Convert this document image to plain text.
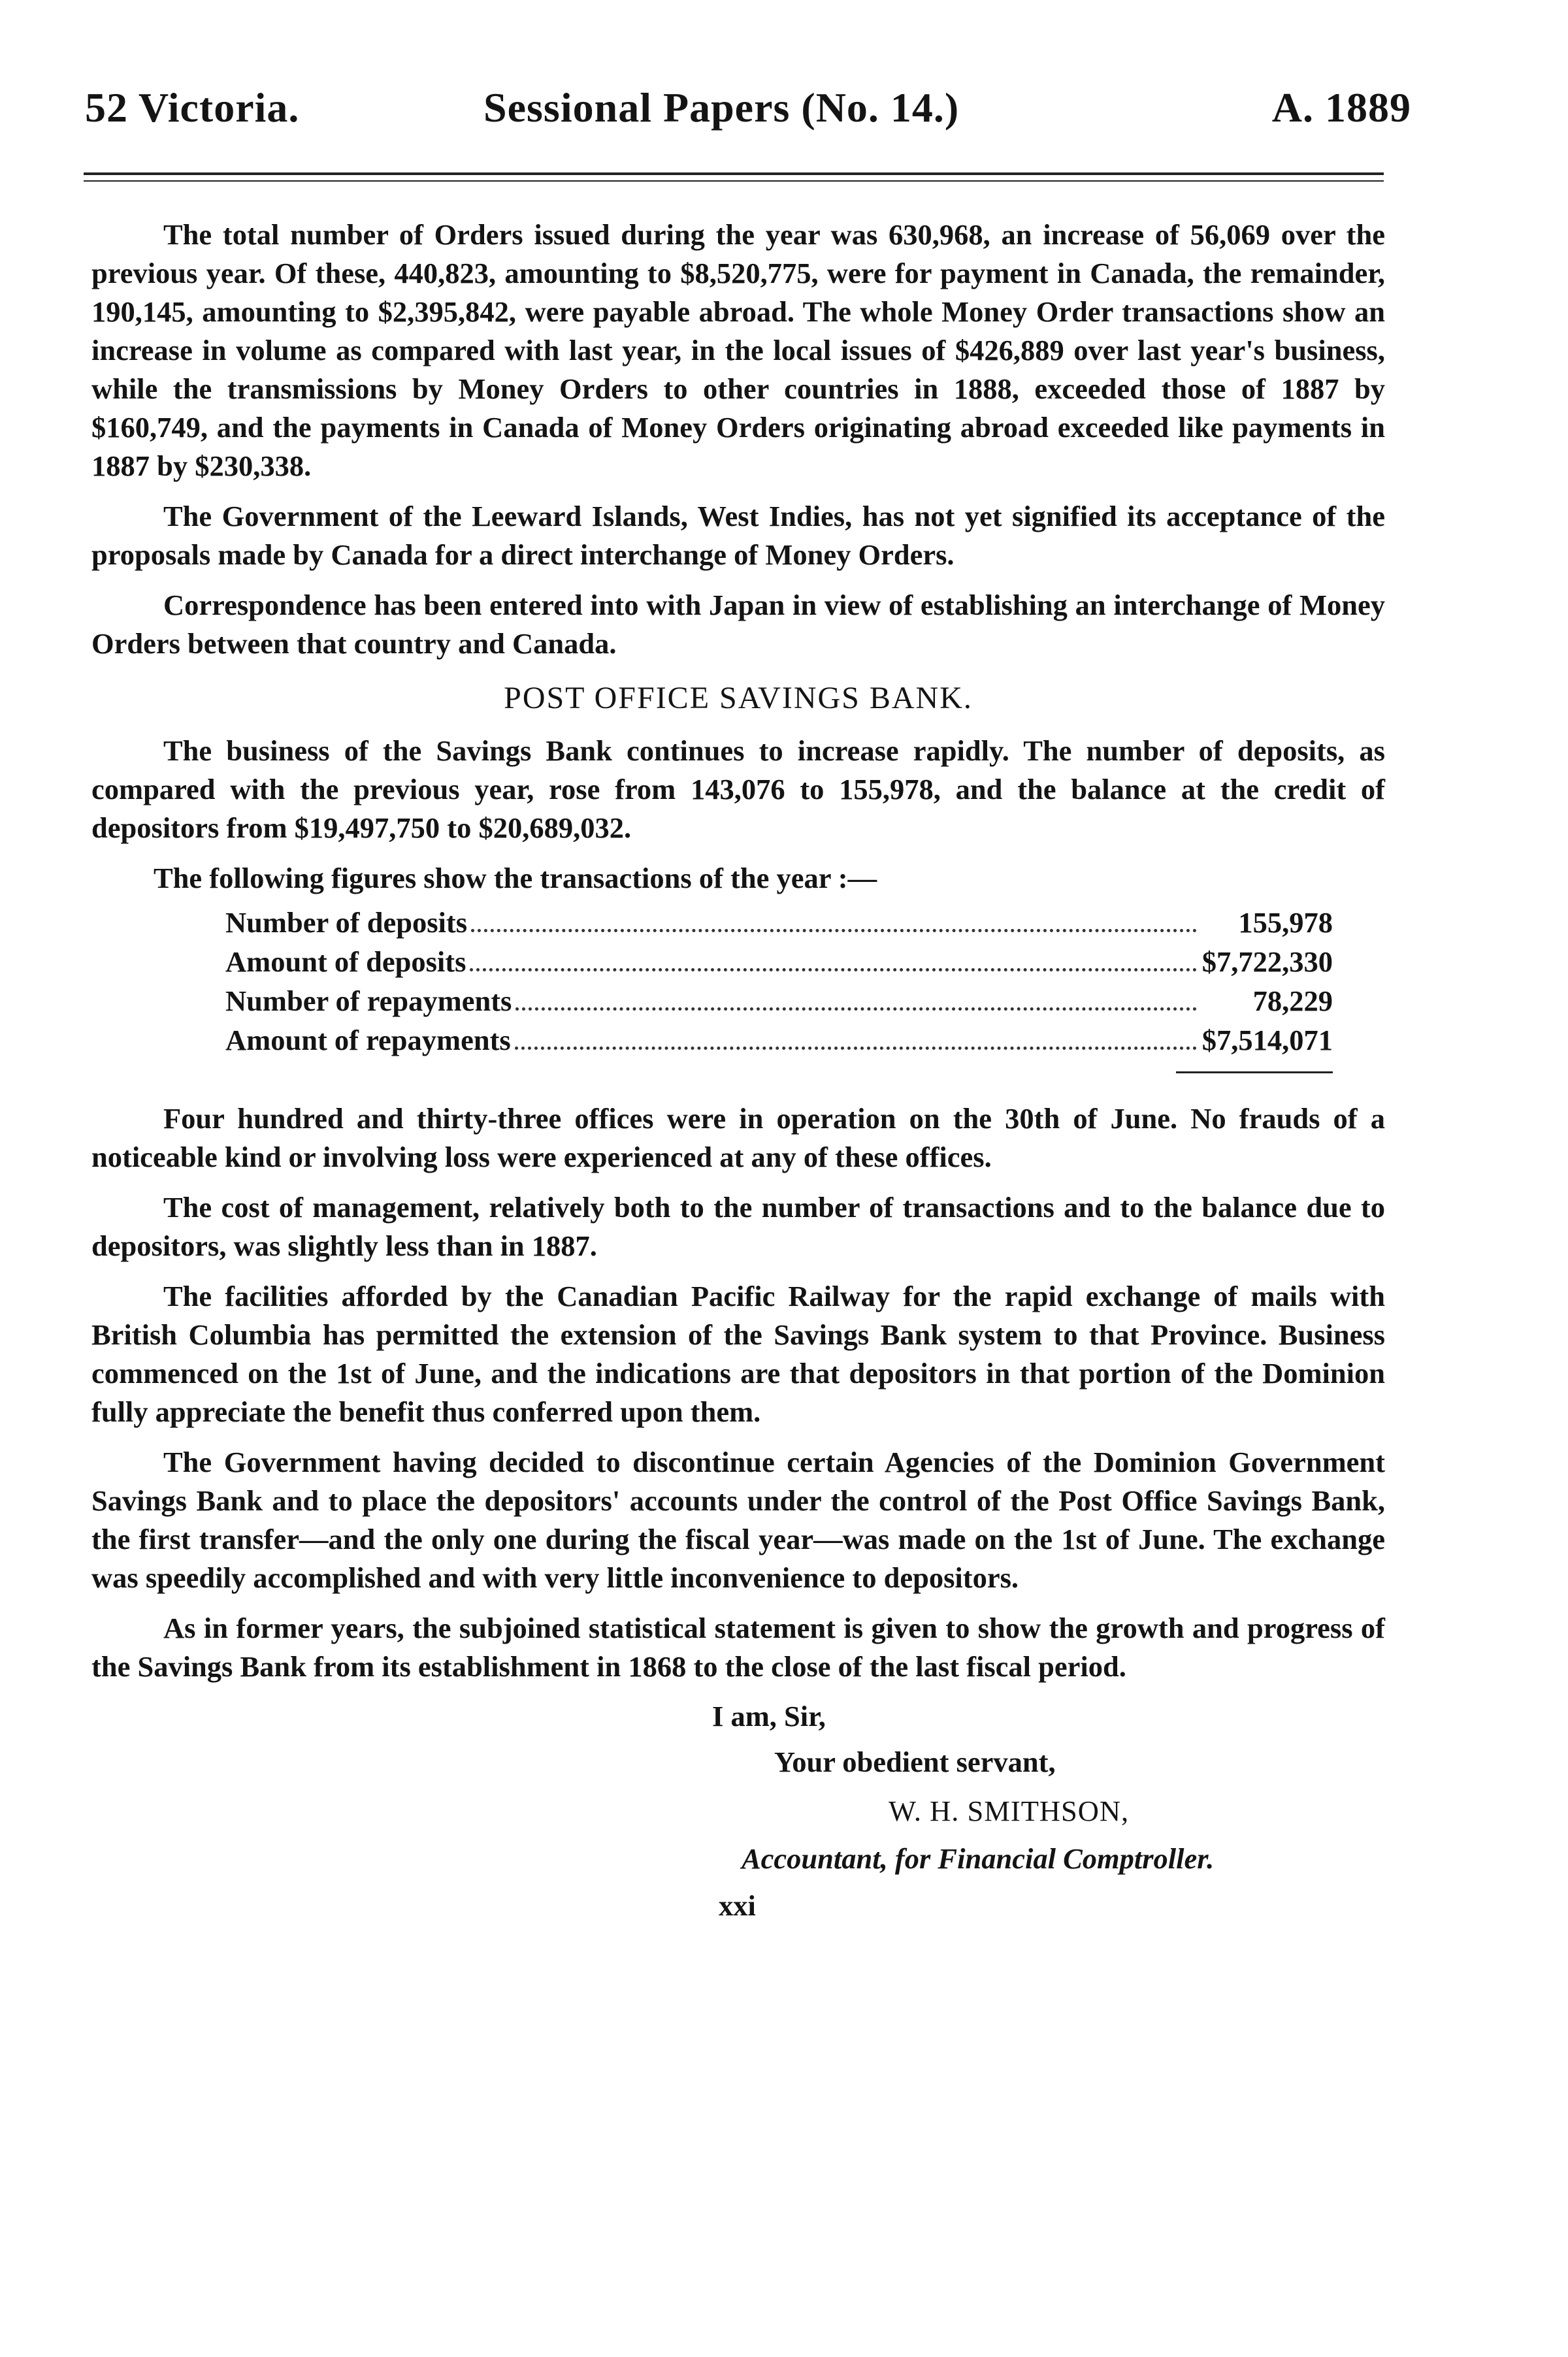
52 Victoria.	Sessional Papers (No. 14.)	A. 1889

The total number of Orders issued during the year was 630,968, an increase of 56,069 over the previous year. Of these, 440,823, amounting to $8,520,775, were for payment in Canada, the remainder, 190,145, amounting to $2,395,842, were payable abroad. The whole Money Order transactions show an increase in volume as compared with last year, in the local issues of $426,889 over last year's business, while the transmissions by Money Orders to other countries in 1888, exceeded those of 1887 by $160,749, and the payments in Canada of Money Orders originating abroad exceeded like payments in 1887 by $230,338.

The Government of the Leeward Islands, West Indies, has not yet signified its acceptance of the proposals made by Canada for a direct interchange of Money Orders.

Correspondence has been entered into with Japan in view of establishing an interchange of Money Orders between that country and Canada.

POST OFFICE SAVINGS BANK.

The business of the Savings Bank continues to increase rapidly. The number of deposits, as compared with the previous year, rose from 143,076 to 155,978, and the balance at the credit of depositors from $19,497,750 to $20,689,032.

The following figures show the transactions of the year :—

Number of deposits	155,978
Amount of deposits	$7,722,330
Number of repayments	78,229
Amount of repayments	$7,514,071

Four hundred and thirty-three offices were in operation on the 30th of June. No frauds of a noticeable kind or involving loss were experienced at any of these offices.

The cost of management, relatively both to the number of transactions and to the balance due to depositors, was slightly less than in 1887.

The facilities afforded by the Canadian Pacific Railway for the rapid exchange of mails with British Columbia has permitted the extension of the Savings Bank system to that Province. Business commenced on the 1st of June, and the indications are that depositors in that portion of the Dominion fully appreciate the benefit thus conferred upon them.

The Government having decided to discontinue certain Agencies of the Dominion Government Savings Bank and to place the depositors' accounts under the control of the Post Office Savings Bank, the first transfer—and the only one during the fiscal year—was made on the 1st of June. The exchange was speedily accomplished and with very little inconvenience to depositors.

As in former years, the subjoined statistical statement is given to show the growth and progress of the Savings Bank from its establishment in 1868 to the close of the last fiscal period.

I am, Sir,
Your obedient servant,
W. H. SMITHSON,
Accountant, for Financial Comptroller.
xxi
